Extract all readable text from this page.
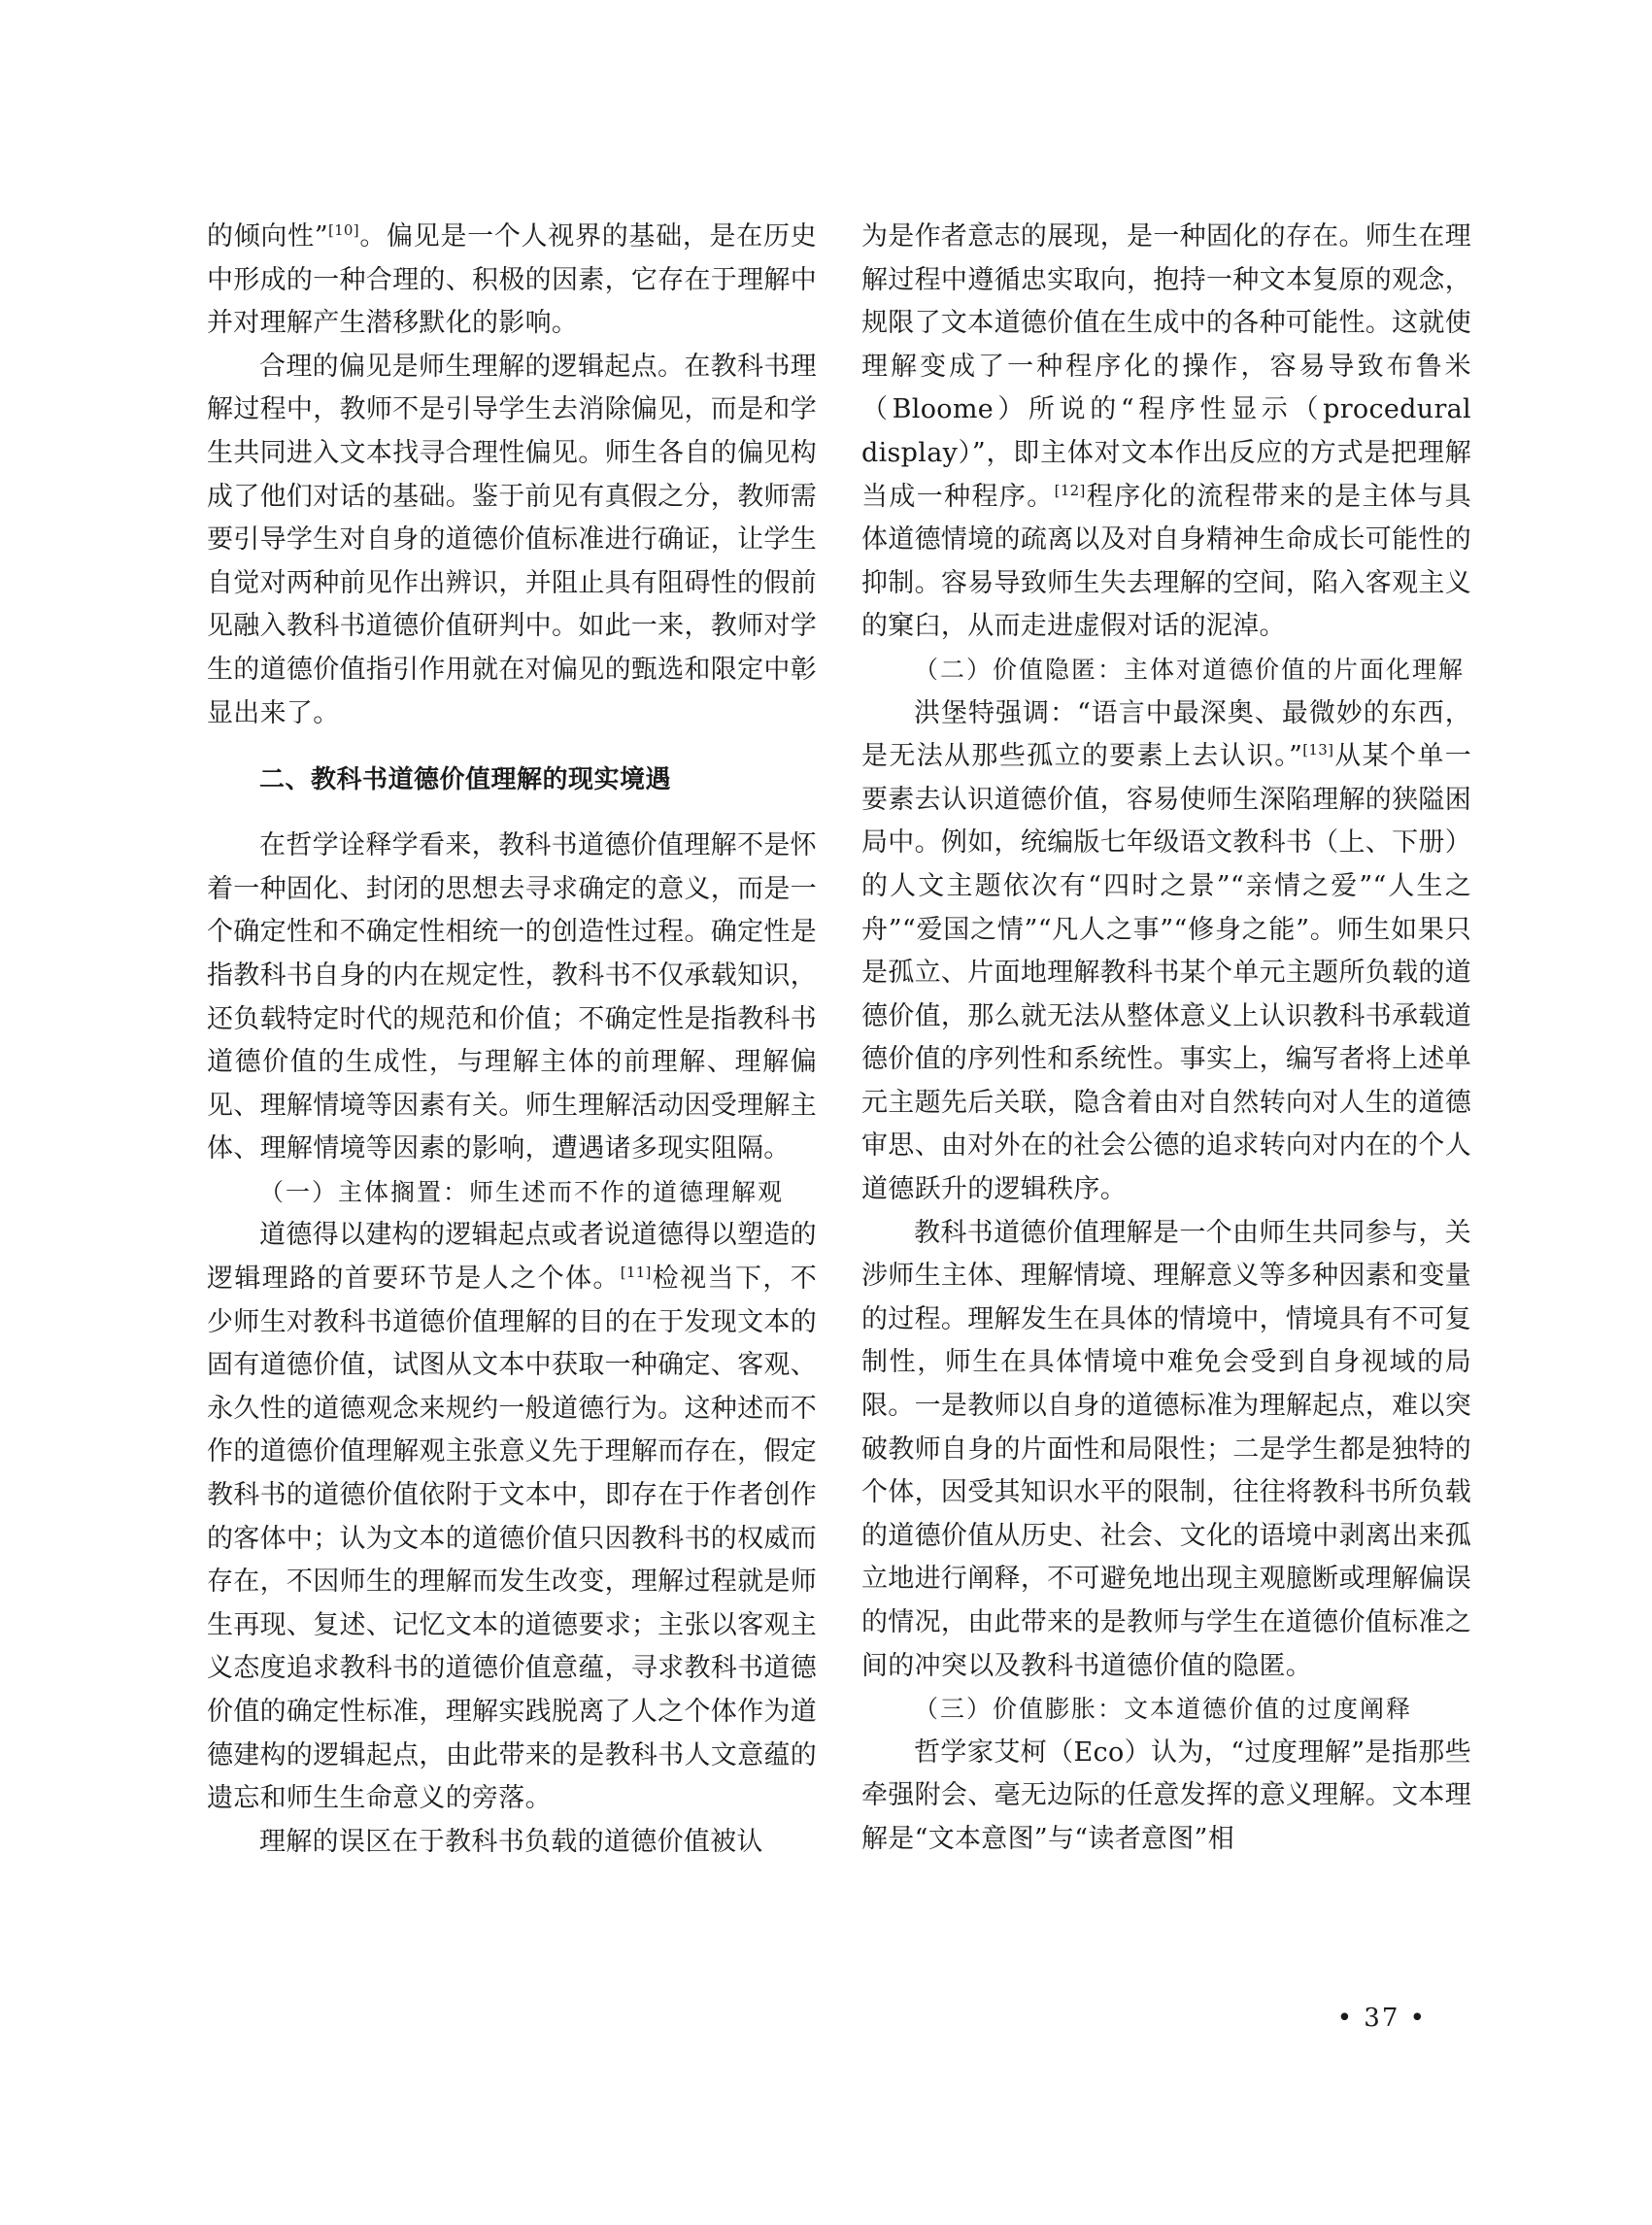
的倾向性”[10]。偏见是一个人视界的基础，是在历史中形成的一种合理的、积极的因素，它存在于理解中并对理解产生潜移默化的影响。

合理的偏见是师生理解的逻辑起点。在教科书理解过程中，教师不是引导学生去消除偏见，而是和学生共同进入文本找寻合理性偏见。师生各自的偏见构成了他们对话的基础。鉴于前见有真假之分，教师需要引导学生对自身的道德价值标准进行确证，让学生自觉对两种前见作出辨识，并阻止具有阻碍性的假前见融入教科书道德价值研判中。如此一来，教师对学生的道德价值指引作用就在对偏见的甄选和限定中彰显出来了。

二、教科书道德价值理解的现实境遇

在哲学诠释学看来，教科书道德价值理解不是怀着一种固化、封闭的思想去寻求确定的意义，而是一个确定性和不确定性相统一的创造性过程。确定性是指教科书自身的内在规定性，教科书不仅承载知识，还负载特定时代的规范和价值；不确定性是指教科书道德价值的生成性，与理解主体的前理解、理解偏见、理解情境等因素有关。师生理解活动因受理解主体、理解情境等因素的影响，遭遇诸多现实阻隔。

（一）主体搁置：师生述而不作的道德理解观

道德得以建构的逻辑起点或者说道德得以塑造的逻辑理路的首要环节是人之个体。[11]检视当下，不少师生对教科书道德价值理解的目的在于发现文本的固有道德价值，试图从文本中获取一种确定、客观、永久性的道德观念来规约一般道德行为。这种述而不作的道德价值理解观主张意义先于理解而存在，假定教科书的道德价值依附于文本中，即存在于作者创作的客体中；认为文本的道德价值只因教科书的权威而存在，不因师生的理解而发生改变，理解过程就是师生再现、复述、记忆文本的道德要求；主张以客观主义态度追求教科书的道德价值意蕴，寻求教科书道德价值的确定性标准，理解实践脱离了人之个体作为道德建构的逻辑起点，由此带来的是教科书人文意蕴的遗忘和师生生命意义的旁落。

理解的误区在于教科书负载的道德价值被认

为是作者意志的展现，是一种固化的存在。师生在理解过程中遵循忠实取向，抱持一种文本复原的观念，规限了文本道德价值在生成中的各种可能性。这就使理解变成了一种程序化的操作，容易导致布鲁米（Bloome）所说的“程序性显示（procedural display）”，即主体对文本作出反应的方式是把理解当成一种程序。[12]程序化的流程带来的是主体与具体道德情境的疏离以及对自身精神生命成长可能性的抑制。容易导致师生失去理解的空间，陷入客观主义的窠臼，从而走进虚假对话的泥淖。

（二）价值隐匿：主体对道德价值的片面化理解

洪堡特强调：“语言中最深奥、最微妙的东西，是无法从那些孤立的要素上去认识。”[13]从某个单一要素去认识道德价值，容易使师生深陷理解的狭隘困局中。例如，统编版七年级语文教科书（上、下册）的人文主题依次有“四时之景”“亲情之爱”“人生之舟”“爱国之情”“凡人之事”“修身之能”。师生如果只是孤立、片面地理解教科书某个单元主题所负载的道德价值，那么就无法从整体意义上认识教科书承载道德价值的序列性和系统性。事实上，编写者将上述单元主题先后关联，隐含着由对自然转向对人生的道德审思、由对外在的社会公德的追求转向对内在的个人道德跃升的逻辑秩序。

教科书道德价值理解是一个由师生共同参与，关涉师生主体、理解情境、理解意义等多种因素和变量的过程。理解发生在具体的情境中，情境具有不可复制性，师生在具体情境中难免会受到自身视域的局限。一是教师以自身的道德标准为理解起点，难以突破教师自身的片面性和局限性；二是学生都是独特的个体，因受其知识水平的限制，往往将教科书所负载的道德价值从历史、社会、文化的语境中剥离出来孤立地进行阐释，不可避免地出现主观臆断或理解偏误的情况，由此带来的是教师与学生在道德价值标准之间的冲突以及教科书道德价值的隐匿。

（三）价值膨胀：文本道德价值的过度阐释

哲学家艾柯（Eco）认为，“过度理解”是指那些牵强附会、毫无边际的任意发挥的意义理解。文本理解是“文本意图”与“读者意图”相

• 37 •
